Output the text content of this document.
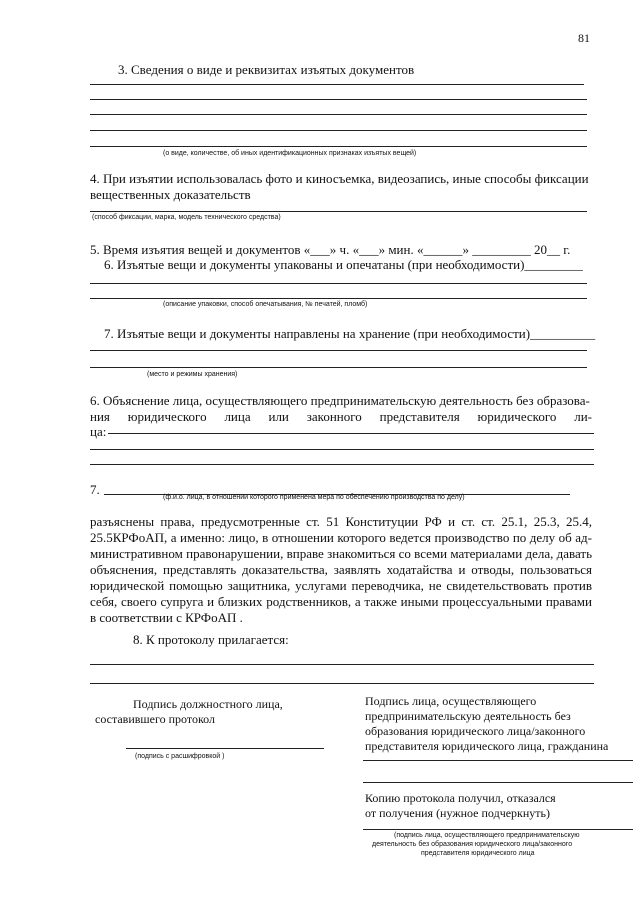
81
3. Сведения о виде и реквизитах изъятых документов
(о виде, количестве, об иных идентификационных признаках изъятых вещей)
4. При изъятии использовалась фото и киносъемка, видеозапись, иные способы фиксации
вещественных доказательств
(способ фиксации, марка, модель технического средства)
5. Время изъятия вещей и документов «___» ч. «___» мин. «______» _________ 20__ г.
6. Изъятые вещи и документы упакованы и опечатаны (при необходимости)_________
(описание упаковки, способ опечатывания, № печатей, пломб)
7. Изъятые вещи и документы направлены на хранение (при необходимости)__________
(место и режимы хранения)
6. Объяснение лица, осуществляющего предпринимательскую деятельность без образова-
ния юридического лица или законного представителя юридического ли-
ца:
7.
(ф.и.о. лица, в отношении которого применена мера по обеспечению производства по делу)
разъяснены права, предусмотренные ст. 51 Конституции РФ и ст. ст. 25.1, 25.3, 25.4,
25.5КРФоАП, а именно: лицо, в отношении которого ведется производство по делу об ад-
министративном правонарушении, вправе знакомиться со всеми материалами дела, давать
объяснения, представлять доказательства, заявлять ходатайства и отводы, пользоваться
юридической помощью защитника, услугами переводчика, не свидетельствовать против
себя, своего супруга и близких родственников, а также иными процессуальными правами
в соответствии с КРФоАП .
8. К протоколу прилагается:
Подпись должностного лица,
составившего протокол
(подпись с расшифровкой )
Подпись лица, осуществляющего
предпринимательскую деятельность без
образования юридического лица/законного
представителя юридического лица, гражданина
Копию протокола получил, отказался
от получения (нужное подчеркнуть)
(подпись лица, осуществляющего предпринимательскую
деятельность без образования юридического лица/законного
представителя юридического лица
